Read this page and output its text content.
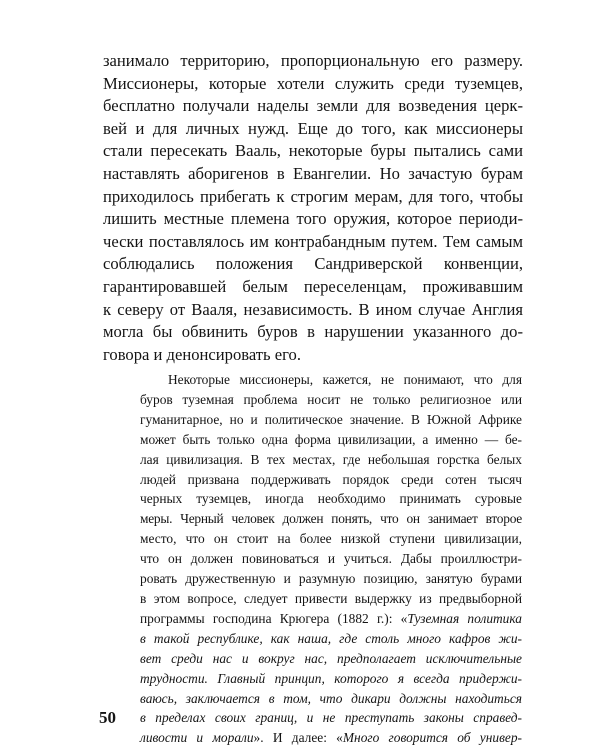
занимало территорию, пропорциональную его размеру.
Миссионеры, которые хотели служить среди туземцев,
бесплатно получали наделы земли для возведения церк-
вей и для личных нужд. Еще до того, как миссионеры
стали пересекать Вааль, некоторые буры пытались сами
наставлять аборигенов в Евангелии. Но зачастую бурам
приходилось прибегать к строгим мерам, для того, чтобы
лишить местные племена того оружия, которое периоди-
чески поставлялось им контрабандным путем. Тем самым
соблюдались положения Сандриверской конвенции,
гарантировавшей белым переселенцам, проживавшим
к северу от Вааля, независимость. В ином случае Англия
могла бы обвинить буров в нарушении указанного до-
говора и денонсировать его.
Некоторые миссионеры, кажется, не понимают, что для
буров туземная проблема носит не только религиозное или
гуманитарное, но и политическое значение. В Южной Африке
может быть только одна форма цивилизации, а именно — бе-
лая цивилизация. В тех местах, где небольшая горстка белых
людей призвана поддерживать порядок среди сотен тысяч
черных туземцев, иногда необходимо принимать суровые
меры. Черный человек должен понять, что он занимает второе
место, что он стоит на более низкой ступени цивилизации,
что он должен повиноваться и учиться. Дабы проиллюстри-
ровать дружественную и разумную позицию, занятую бурами
в этом вопросе, следует привести выдержку из предвыборной
программы господина Крюгера (1882 г.): «Туземная политика
в такой республике, как наша, где столь много кафров жи-
вет среди нас и вокруг нас, предполагает исключительные
трудности. Главный принцип, которого я всегда придержи-
ваюсь, заключается в том, что дикари должны находиться
в пределах своих границ, и не преступать законы справед-
ливости и морали». И далее: «Много говорится об универ-
50
